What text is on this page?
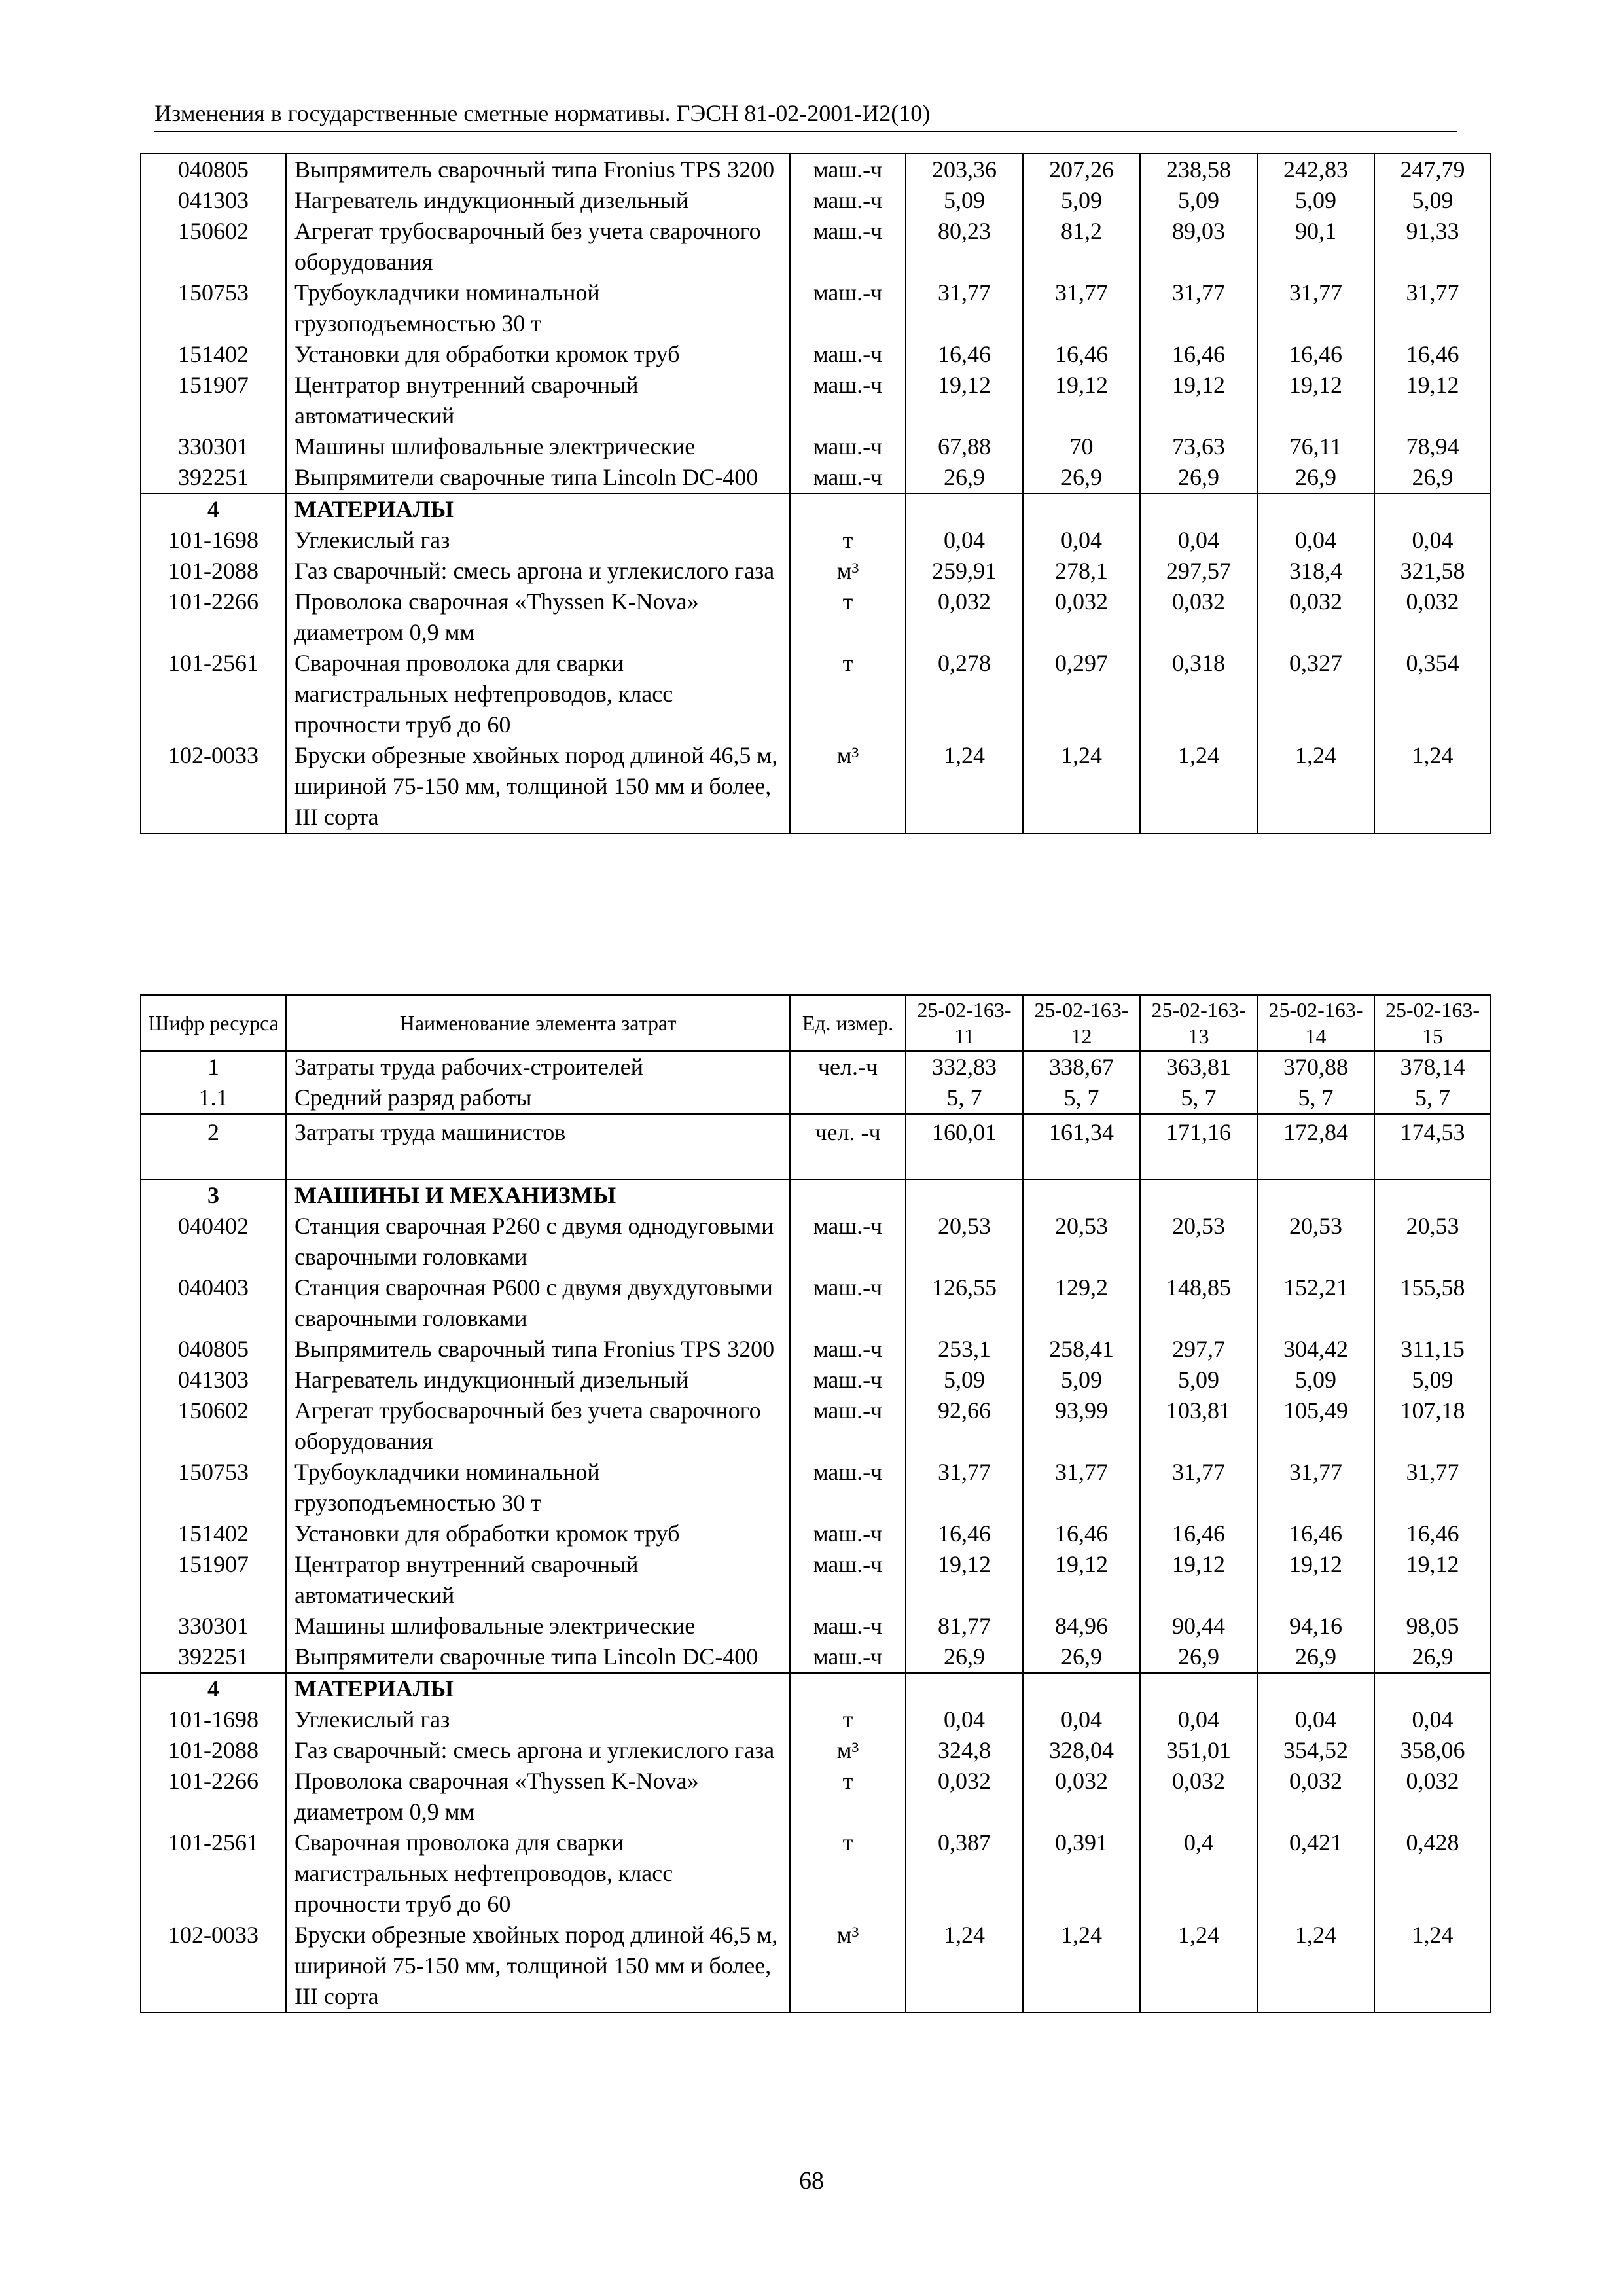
Изменения в государственные сметные нормативы. ГЭСН 81-02-2001-И2(10)
040805	Выпрямитель сварочный типа Fronius TPS 3200	маш.-ч	203,36	207,26	238,58	242,83	247,79
041303	Нагреватель индукционный дизельный	маш.-ч	5,09	5,09	5,09	5,09	5,09
150602	Агрегат трубосварочный без учета сварочного оборудования	маш.-ч	80,23	81,2	89,03	90,1	91,33
150753	Трубоукладчики номинальной грузоподъемностью 30 т	маш.-ч	31,77	31,77	31,77	31,77	31,77
151402	Установки для обработки кромок труб	маш.-ч	16,46	16,46	16,46	16,46	16,46
151907	Центратор внутренний сварочный автоматический	маш.-ч	19,12	19,12	19,12	19,12	19,12
330301	Машины шлифовальные электрические	маш.-ч	67,88	70	73,63	76,11	78,94
392251	Выпрямители сварочные типа Lincoln DC-400	маш.-ч	26,9	26,9	26,9	26,9	26,9
4	МАТЕРИАЛЫ						
101-1698	Углекислый газ	т	0,04	0,04	0,04	0,04	0,04
101-2088	Газ сварочный: смесь аргона и углекислого газа	м³	259,91	278,1	297,57	318,4	321,58
101-2266	Проволока сварочная «Thyssen K-Nova» диаметром 0,9 мм	т	0,032	0,032	0,032	0,032	0,032
101-2561	Сварочная проволока для сварки магистральных нефтепроводов, класс прочности труб до 60	т	0,278	0,297	0,318	0,327	0,354
102-0033	Бруски обрезные хвойных пород длиной 46,5 м, шириной 75-150 мм, толщиной 150 мм и более, III сорта	м³	1,24	1,24	1,24	1,24	1,24
Шифр ресурса	Наименование элемента затрат	Ед. измер.	25-02-163-11	25-02-163-12	25-02-163-13	25-02-163-14	25-02-163-15
1	Затраты труда рабочих-строителей	чел.-ч	332,83	338,67	363,81	370,88	378,14
1.1	Средний разряд работы		5, 7	5, 7	5, 7	5, 7	5, 7
2	Затраты труда машинистов	чел. -ч	160,01	161,34	171,16	172,84	174,53
3	МАШИНЫ И МЕХАНИЗМЫ						
040402	Станция сварочная Р260 с двумя однодуговыми сварочными головками	маш.-ч	20,53	20,53	20,53	20,53	20,53
040403	Станция сварочная Р600 с двумя двухдуговыми сварочными головками	маш.-ч	126,55	129,2	148,85	152,21	155,58
040805	Выпрямитель сварочный типа Fronius TPS 3200	маш.-ч	253,1	258,41	297,7	304,42	311,15
041303	Нагреватель индукционный дизельный	маш.-ч	5,09	5,09	5,09	5,09	5,09
150602	Агрегат трубосварочный без учета сварочного оборудования	маш.-ч	92,66	93,99	103,81	105,49	107,18
150753	Трубоукладчики номинальной грузоподъемностью 30 т	маш.-ч	31,77	31,77	31,77	31,77	31,77
151402	Установки для обработки кромок труб	маш.-ч	16,46	16,46	16,46	16,46	16,46
151907	Центратор внутренний сварочный автоматический	маш.-ч	19,12	19,12	19,12	19,12	19,12
330301	Машины шлифовальные электрические	маш.-ч	81,77	84,96	90,44	94,16	98,05
392251	Выпрямители сварочные типа Lincoln DC-400	маш.-ч	26,9	26,9	26,9	26,9	26,9
4	МАТЕРИАЛЫ						
101-1698	Углекислый газ	т	0,04	0,04	0,04	0,04	0,04
101-2088	Газ сварочный: смесь аргона и углекислого газа	м³	324,8	328,04	351,01	354,52	358,06
101-2266	Проволока сварочная «Thyssen K-Nova» диаметром 0,9 мм	т	0,032	0,032	0,032	0,032	0,032
101-2561	Сварочная проволока для сварки магистральных нефтепроводов, класс прочности труб до 60	т	0,387	0,391	0,4	0,421	0,428
102-0033	Бруски обрезные хвойных пород длиной 46,5 м, шириной 75-150 мм, толщиной 150 мм и более, III сорта	м³	1,24	1,24	1,24	1,24	1,24
68
